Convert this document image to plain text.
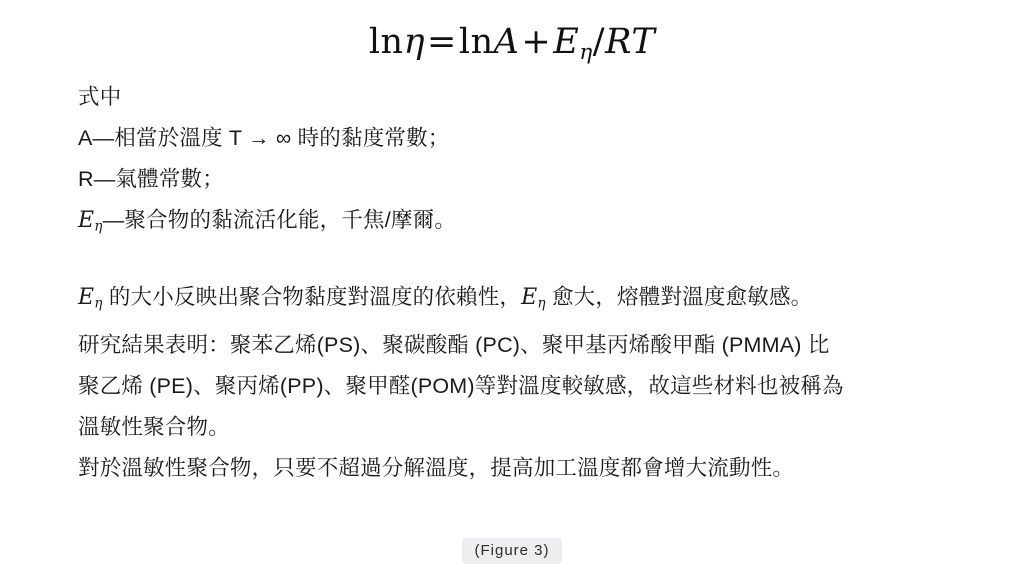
$\ln\eta=\ln A+E_\eta/RT$
式中
A—相當於溫度 T → ∞ 時的黏度常數；
R—氣體常數；
$E_\eta—$聚合物的黏流活化能，千焦/摩爾。
$E_\eta$ 的大小反映出聚合物黏度對溫度的依賴性，$E_\eta$ 愈大，熔體對溫度愈敏感。
研究結果表明：聚苯乙烯(PS)、聚碳酸酯 (PC)、聚甲基丙烯酸甲酯 (PMMA) 比
聚乙烯 (PE)、聚丙烯(PP)、聚甲醛(POM)等對溫度較敏感，故這些材料也被稱為
溫敏性聚合物。
對於溫敏性聚合物，只要不超過分解溫度，提高加工溫度都會增大流動性。
(Figure 3)
